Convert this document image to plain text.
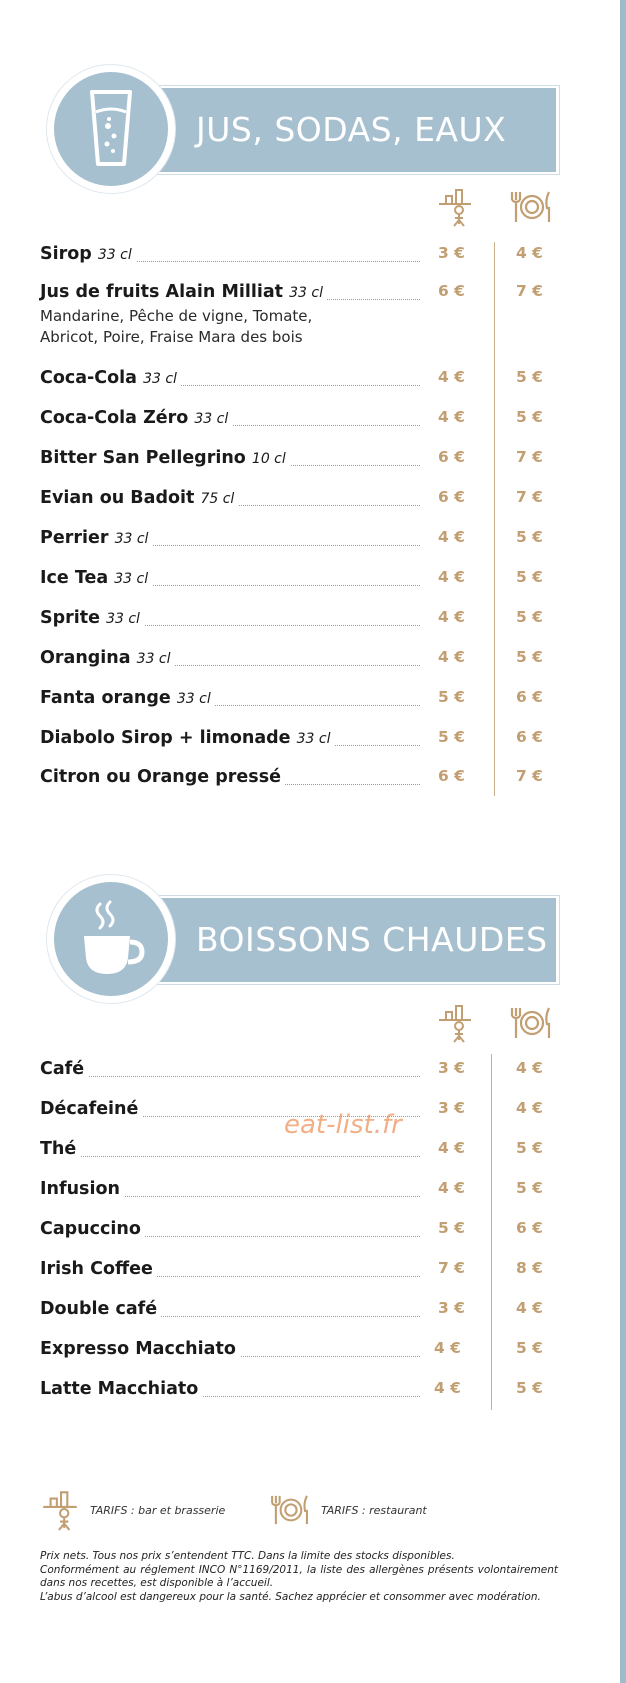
JUS, SODAS, EAUX
Sirop 33 cl	3 €	4 €
Jus de fruits Alain Milliat 33 cl	6 €	7 €
Mandarine, Pêche de vigne, Tomate,
Abricot, Poire, Fraise Mara des bois
Coca-Cola 33 cl	4 €	5 €
Coca-Cola Zéro 33 cl	4 €	5 €
Bitter San Pellegrino 10 cl	6 €	7 €
Evian ou Badoit 75 cl	6 €	7 €
Perrier 33 cl	4 €	5 €
Ice Tea 33 cl	4 €	5 €
Sprite 33 cl	4 €	5 €
Orangina 33 cl	4 €	5 €
Fanta orange 33 cl	5 €	6 €
Diabolo Sirop + limonade 33 cl	5 €	6 €
Citron ou Orange pressé	6 €	7 €
BOISSONS CHAUDES
Café	3 €	4 €
Décafeiné	3 €	4 €
eat-list.fr
Thé	4 €	5 €
Infusion	4 €	5 €
Capuccino	5 €	6 €
Irish Coffee	7 €	8 €
Double café	3 €	4 €
Expresso Macchiato	4 €	5 €
Latte Macchiato	4 €	5 €
TARIFS : bar et brasserie	TARIFS : restaurant

Prix nets. Tous nos prix s’entendent TTC. Dans la limite des stocks disponibles.

Conformément au réglement INCO N°1169/2011, la liste des allergènes présents volontairement dans nos recettes, est disponible à l’accueil.

L’abus d’alcool est dangereux pour la santé. Sachez apprécier et consommer avec modération.
